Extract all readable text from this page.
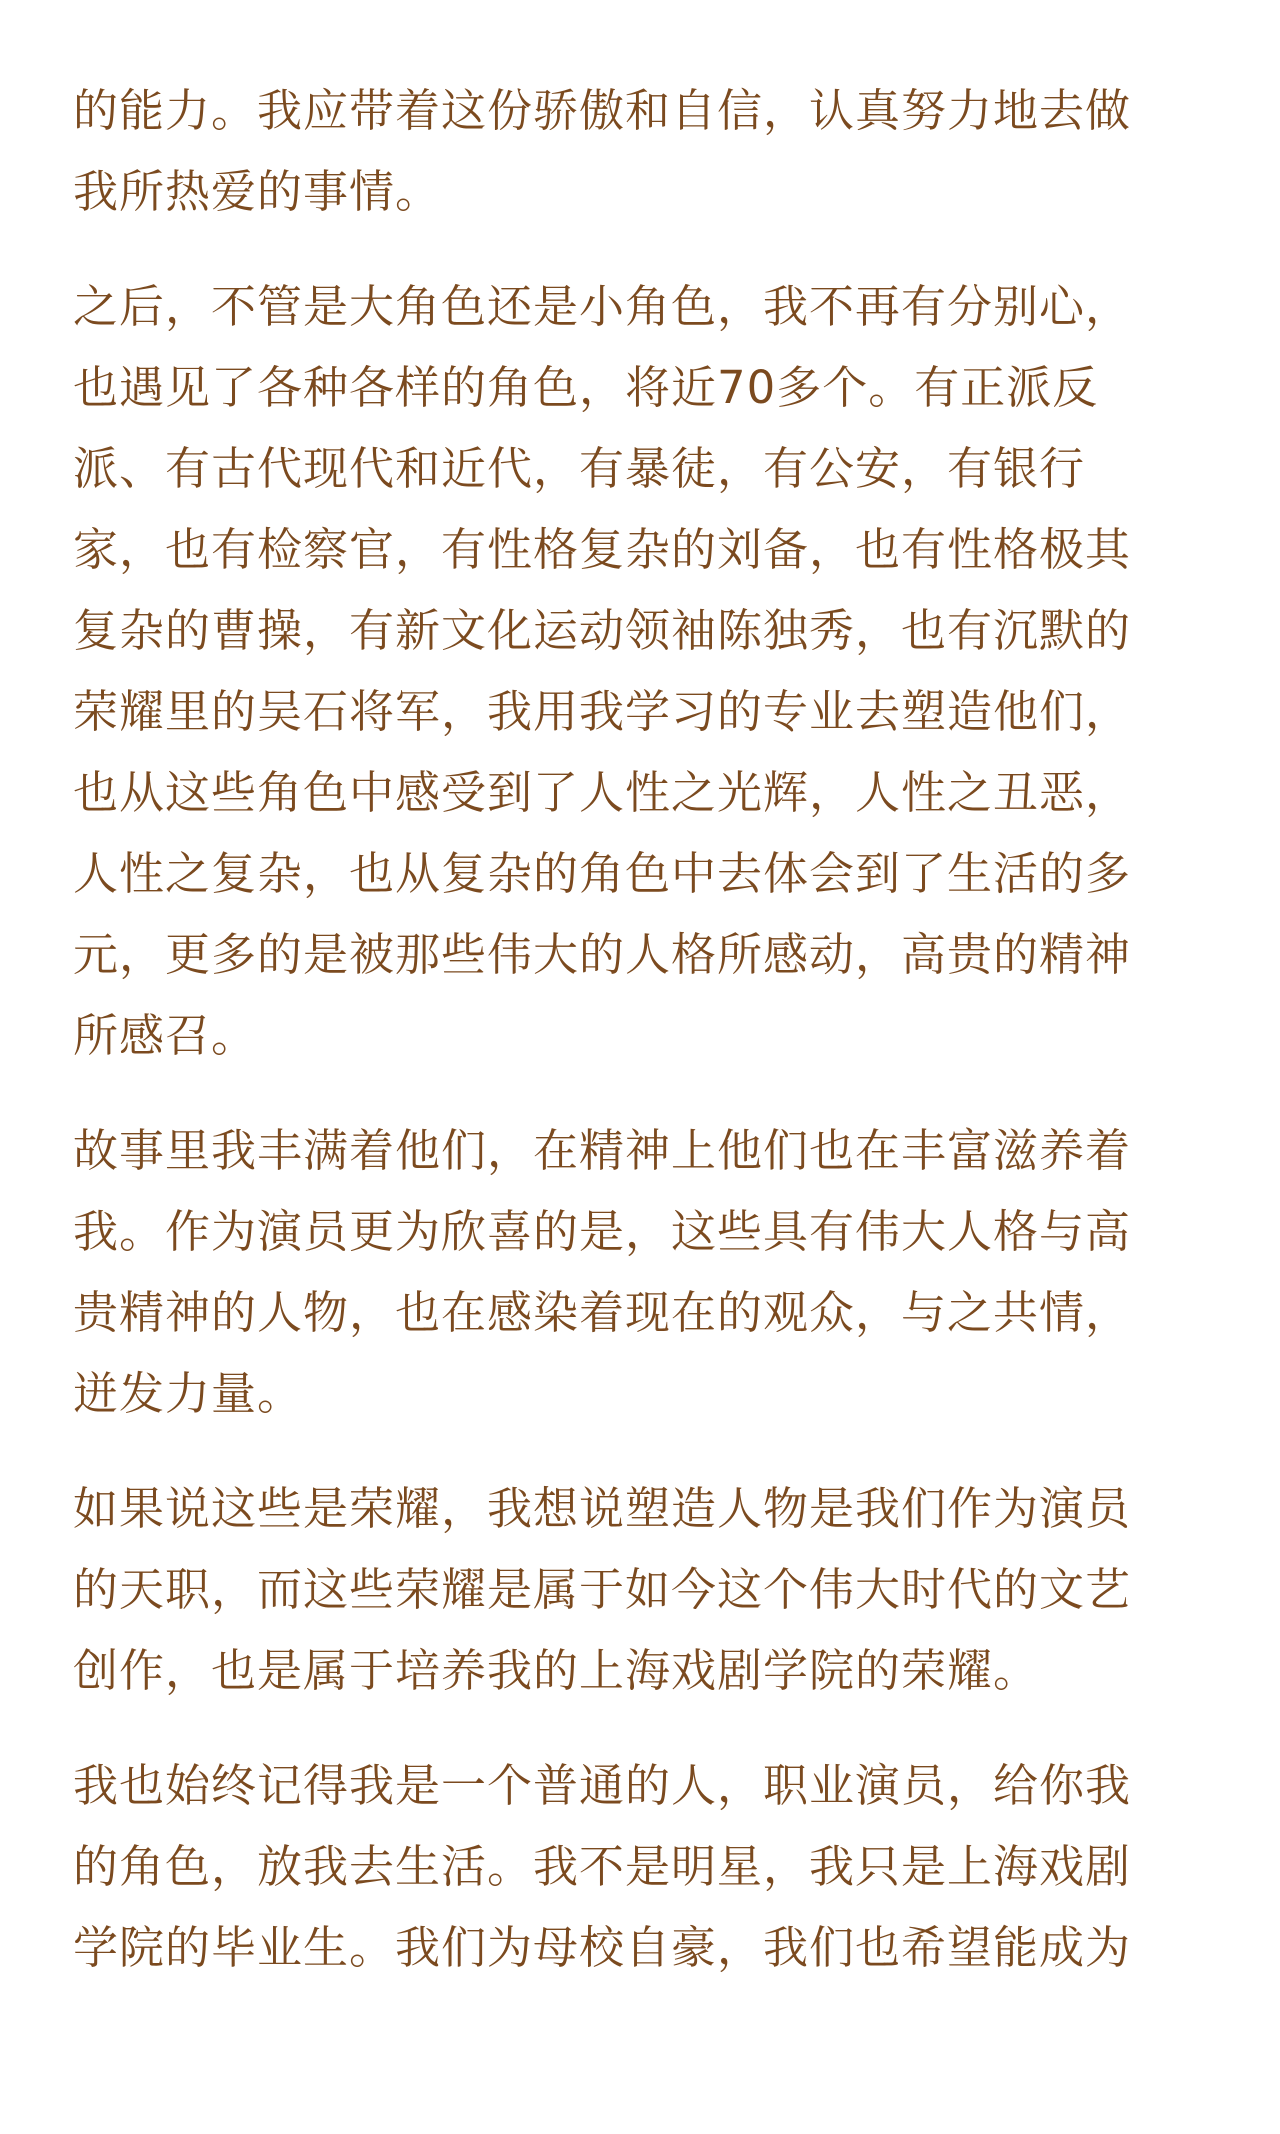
的能力。我应带着这份骄傲和自信，认真努力地去做
我所热爱的事情。

之后，不管是大角色还是小角色，我不再有分别心，
也遇见了各种各样的角色，将近70多个。有正派反
派、有古代现代和近代，有暴徒，有公安，有银行
家，也有检察官，有性格复杂的刘备，也有性格极其
复杂的曹操，有新文化运动领袖陈独秀，也有沉默的
荣耀里的吴石将军，我用我学习的专业去塑造他们，
也从这些角色中感受到了人性之光辉，人性之丑恶，
人性之复杂，也从复杂的角色中去体会到了生活的多
元，更多的是被那些伟大的人格所感动，高贵的精神
所感召。

故事里我丰满着他们，在精神上他们也在丰富滋养着
我。作为演员更为欣喜的是，这些具有伟大人格与高
贵精神的人物，也在感染着现在的观众，与之共情，
迸发力量。

如果说这些是荣耀，我想说塑造人物是我们作为演员
的天职，而这些荣耀是属于如今这个伟大时代的文艺
创作，也是属于培养我的上海戏剧学院的荣耀。

我也始终记得我是一个普通的人，职业演员，给你我
的角色，放我去生活。我不是明星，我只是上海戏剧
学院的毕业生。我们为母校自豪，我们也希望能成为
